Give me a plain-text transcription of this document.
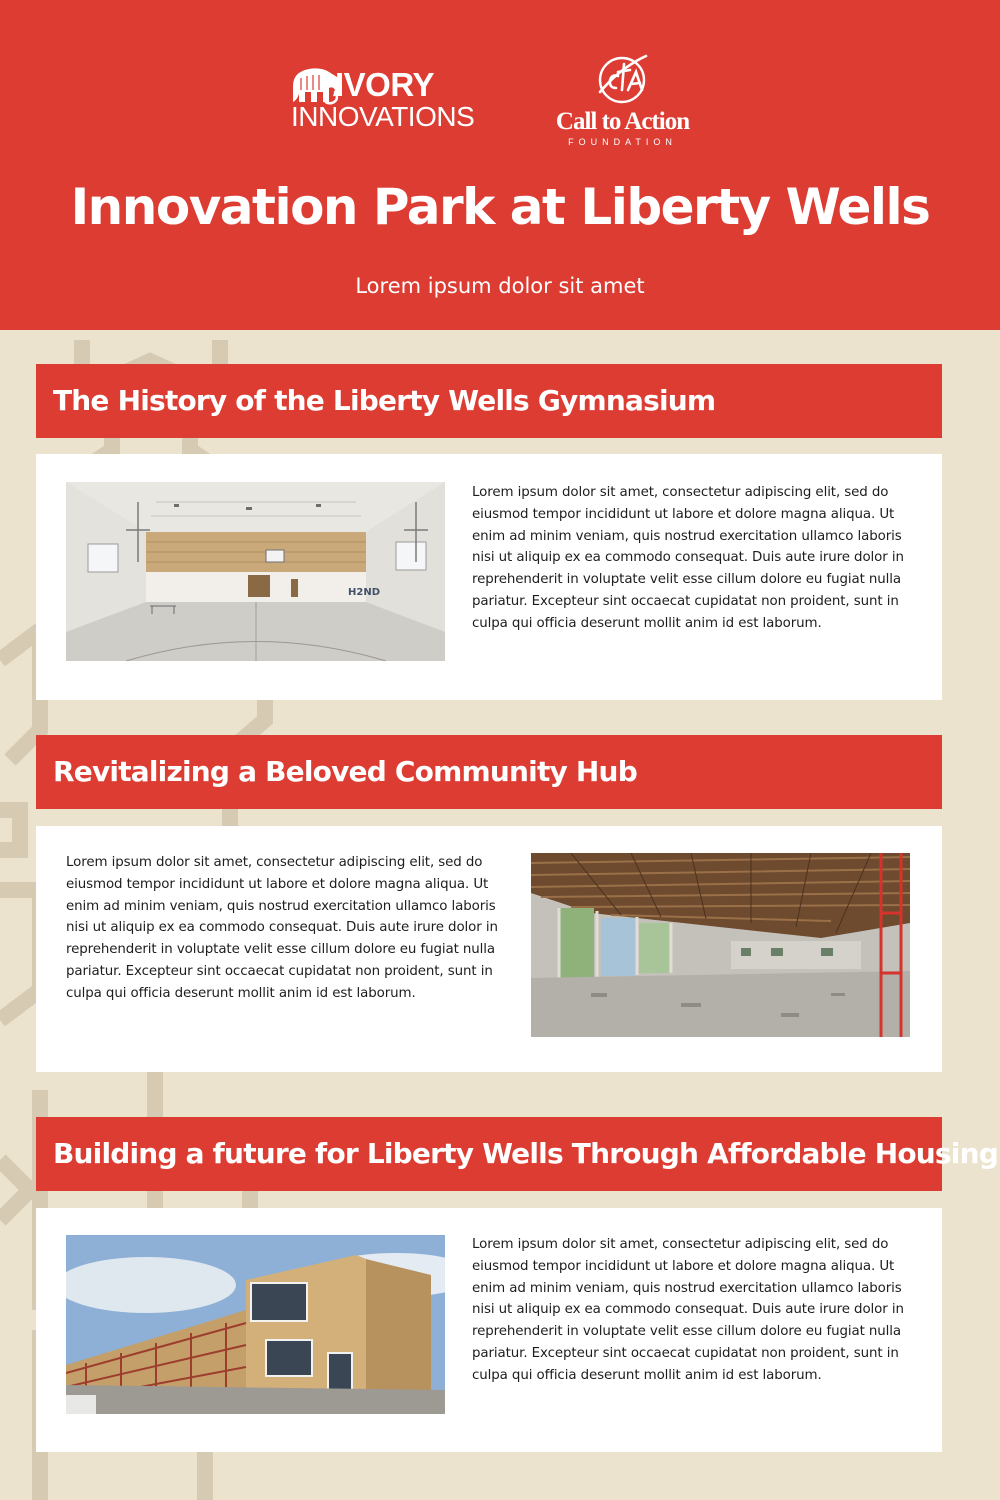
IVORY
INNOVATIONS	Call to Action
FOUNDATION
Innovation Park at Liberty Wells
Lorem ipsum dolor sit amet
The History of the Liberty Wells Gymnasium
H2ND

Lorem ipsum dolor sit amet, consectetur adipiscing elit, sed do eiusmod tempor incididunt ut labore et dolore magna aliqua. Ut enim ad minim veniam, quis nostrud exercitation ullamco laboris nisi ut aliquip ex ea commodo consequat. Duis aute irure dolor in reprehenderit in voluptate velit esse cillum dolore eu fugiat nulla pariatur. Excepteur sint occaecat cupidatat non proident, sunt in culpa qui officia deserunt mollit anim id est laborum.

Revitalizing a Beloved Community Hub

Lorem ipsum dolor sit amet, consectetur adipiscing elit, sed do eiusmod tempor incididunt ut labore et dolore magna aliqua. Ut enim ad minim veniam, quis nostrud exercitation ullamco laboris nisi ut aliquip ex ea commodo consequat. Duis aute irure dolor in reprehenderit in voluptate velit esse cillum dolore eu fugiat nulla pariatur. Excepteur sint occaecat cupidatat non proident, sunt in culpa qui officia deserunt mollit anim id est laborum.

Building a future for Liberty Wells Through Affordable Housing

Lorem ipsum dolor sit amet, consectetur adipiscing elit, sed do eiusmod tempor incididunt ut labore et dolore magna aliqua. Ut enim ad minim veniam, quis nostrud exercitation ullamco laboris nisi ut aliquip ex ea commodo consequat. Duis aute irure dolor in reprehenderit in voluptate velit esse cillum dolore eu fugiat nulla pariatur. Excepteur sint occaecat cupidatat non proident, sunt in culpa qui officia deserunt mollit anim id est laborum.
